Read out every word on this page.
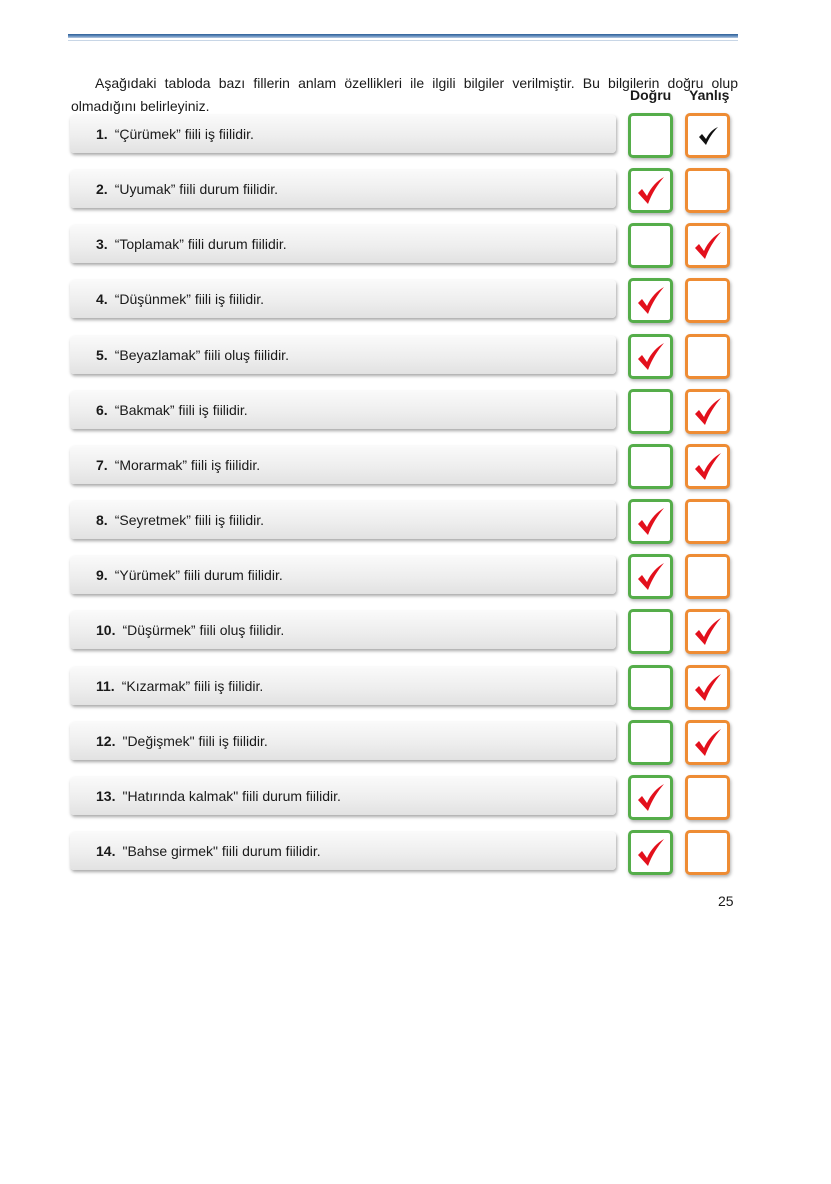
Aşağıdaki tabloda bazı fillerin anlam özellikleri ile ilgili bilgiler verilmiştir. Bu bilgilerin doğru olup olmadığını belirleyiniz.

Doğru Yanlış
1. “Çürümek” fiili iş fiilidir.
2. “Uyumak” fiili durum fiilidir.
3. “Toplamak” fiili durum fiilidir.
4. “Düşünmek” fiili iş fiilidir.
5. “Beyazlamak” fiili oluş fiilidir.
6. “Bakmak” fiili iş fiilidir.
7. “Morarmak” fiili iş fiilidir.
8. “Seyretmek” fiili iş fiilidir.
9. “Yürümek” fiili durum fiilidir.
10. “Düşürmek” fiili oluş fiilidir.
11. “Kızarmak” fiili iş fiilidir.
12. "Değişmek" fiili iş fiilidir.
13. "Hatırında kalmak" fiili durum fiilidir.
14. "Bahse girmek" fiili durum fiilidir.
25
